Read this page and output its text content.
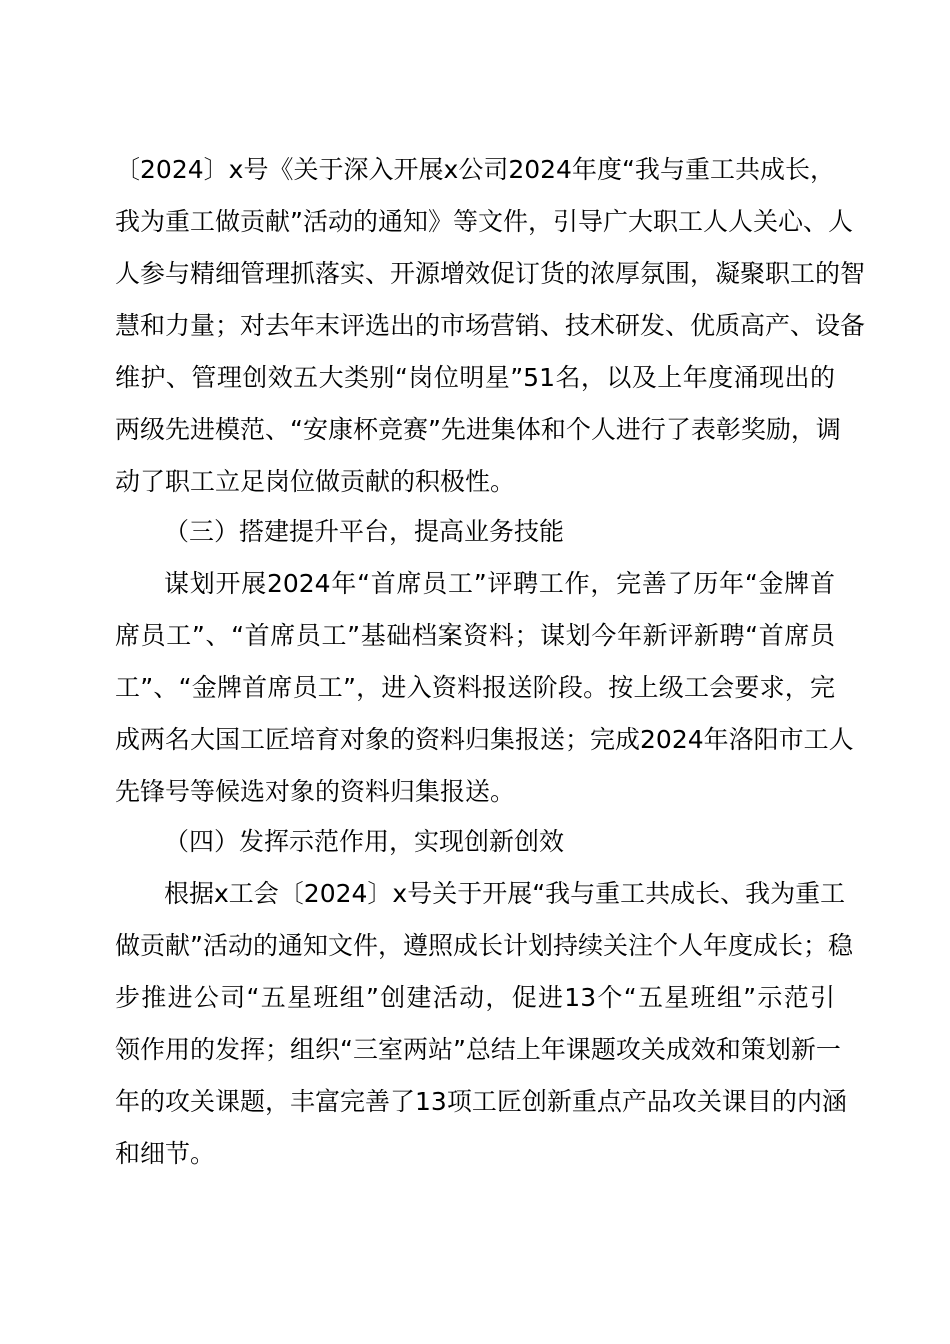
〔2024〕x号《关于深入开展x公司2024年度“我与重工共成长，
我为重工做贡献”活动的通知》等文件，引导广大职工人人关心、人
人参与精细管理抓落实、开源增效促订货的浓厚氛围，凝聚职工的智
慧和力量；对去年末评选出的市场营销、技术研发、优质高产、设备
维护、管理创效五大类别“岗位明星”51名，以及上年度涌现出的
两级先进模范、“安康杯竞赛”先进集体和个人进行了表彰奖励，调
动了职工立足岗位做贡献的积极性。
（三）搭建提升平台，提高业务技能
谋划开展2024年“首席员工”评聘工作，完善了历年“金牌首
席员工”、“首席员工”基础档案资料；谋划今年新评新聘“首席员
工”、“金牌首席员工”，进入资料报送阶段。按上级工会要求，完
成两名大国工匠培育对象的资料归集报送；完成2024年洛阳市工人
先锋号等候选对象的资料归集报送。
（四）发挥示范作用，实现创新创效
根据x工会〔2024〕x号关于开展“我与重工共成长、我为重工
做贡献”活动的通知文件，遵照成长计划持续关注个人年度成长；稳
步推进公司“五星班组”创建活动，促进13个“五星班组”示范引
领作用的发挥；组织“三室两站”总结上年课题攻关成效和策划新一
年的攻关课题，丰富完善了13项工匠创新重点产品攻关课目的内涵
和细节。
